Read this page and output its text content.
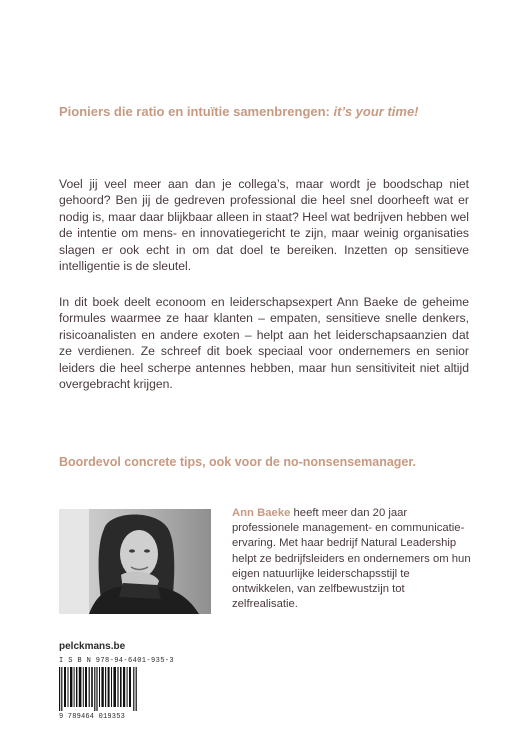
Pioniers die ratio en intuïtie samenbrengen: it’s your time!

Voel jij veel meer aan dan je collega’s, maar wordt je boodschap niet gehoord? Ben jij de gedreven professional die heel snel doorheeft wat er nodig is, maar daar blijkbaar alleen in staat? Heel wat bedrijven hebben wel de intentie om mens- en innovatiegericht te zijn, maar weinig organisaties slagen er ook echt in om dat doel te bereiken. Inzetten op sensitieve intelligentie is de sleutel.

In dit boek deelt econoom en leiderschapsexpert Ann Baeke de geheime formules waarmee ze haar klanten – empaten, sensitieve snelle denkers, risicoanalisten en andere exoten – helpt aan het leiderschapsaanzien dat ze verdienen. Ze schreef dit boek speciaal voor ondernemers en senior leiders die heel scherpe antennes hebben, maar hun sensitiviteit niet altijd overgebracht krijgen.

Boordevol concrete tips, ook voor de no-nonsensemanager.
Ann Baeke heeft meer dan 20 jaar professionele management- en communicatie-ervaring. Met haar bedrijf Natural Leadership helpt ze bedrijfsleiders en ondernemers om hun eigen natuurlijke leiderschapsstijl te ontwikkelen, van zelfbewustzijn tot zelfrealisatie.
pelckmans.be
I S B N 978-94-6401-935-3
9 789464 019353
